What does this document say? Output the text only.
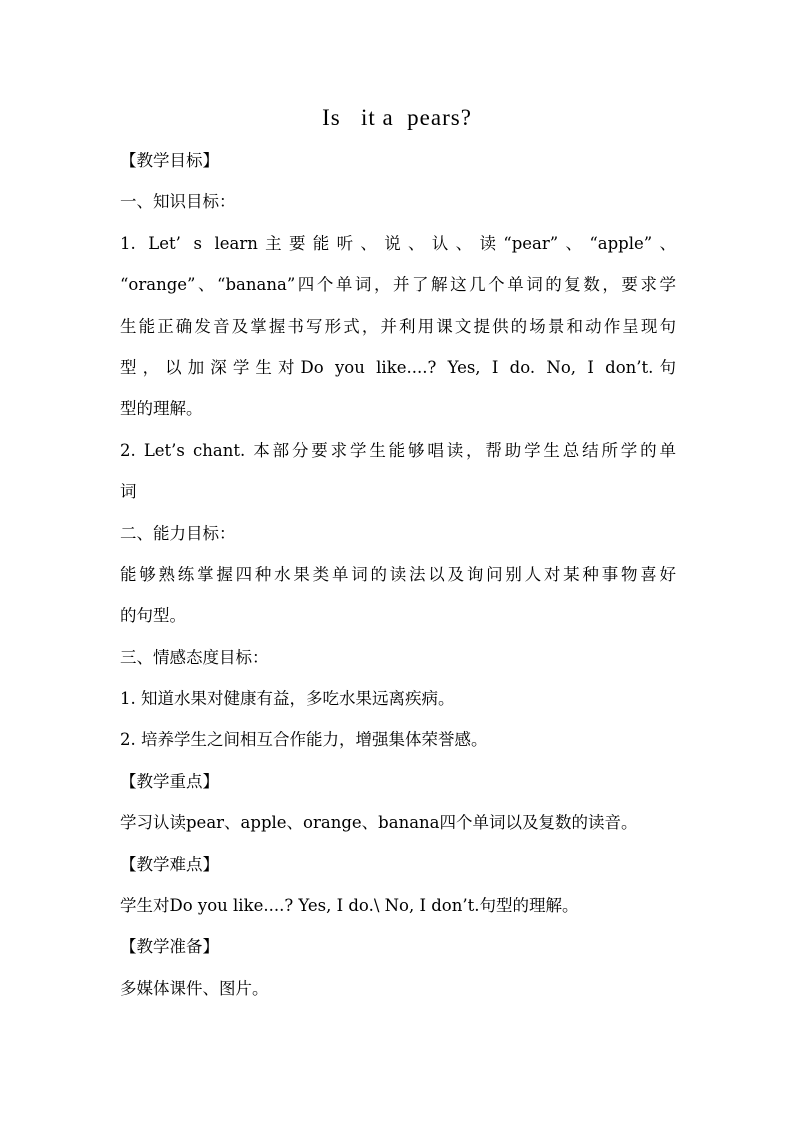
Is   it a  pears?
【教学目标】
一、知识目标：
1. Let’ s learn主要能听、说、认、读“pear”、“apple”、
“orange”、“banana”四个单词，并了解这几个单词的复数，要求学
生能正确发音及掌握书写形式，并利用课文提供的场景和动作呈现句
型，以加深学生对Do you like....? Yes, I do. No, I don’t.句
型的理解。
2. Let’s chant. 本部分要求学生能够唱读，帮助学生总结所学的单
词
二、能力目标：
能够熟练掌握四种水果类单词的读法以及询问别人对某种事物喜好
的句型。
三、情感态度目标：
1. 知道水果对健康有益，多吃水果远离疾病。
2. 培养学生之间相互合作能力，增强集体荣誉感。
【教学重点】
学习认读pear、apple、orange、banana四个单词以及复数的读音。
【教学难点】
学生对Do you like....? Yes, I do.\ No, I don’t.句型的理解。
【教学准备】
多媒体课件、图片。
